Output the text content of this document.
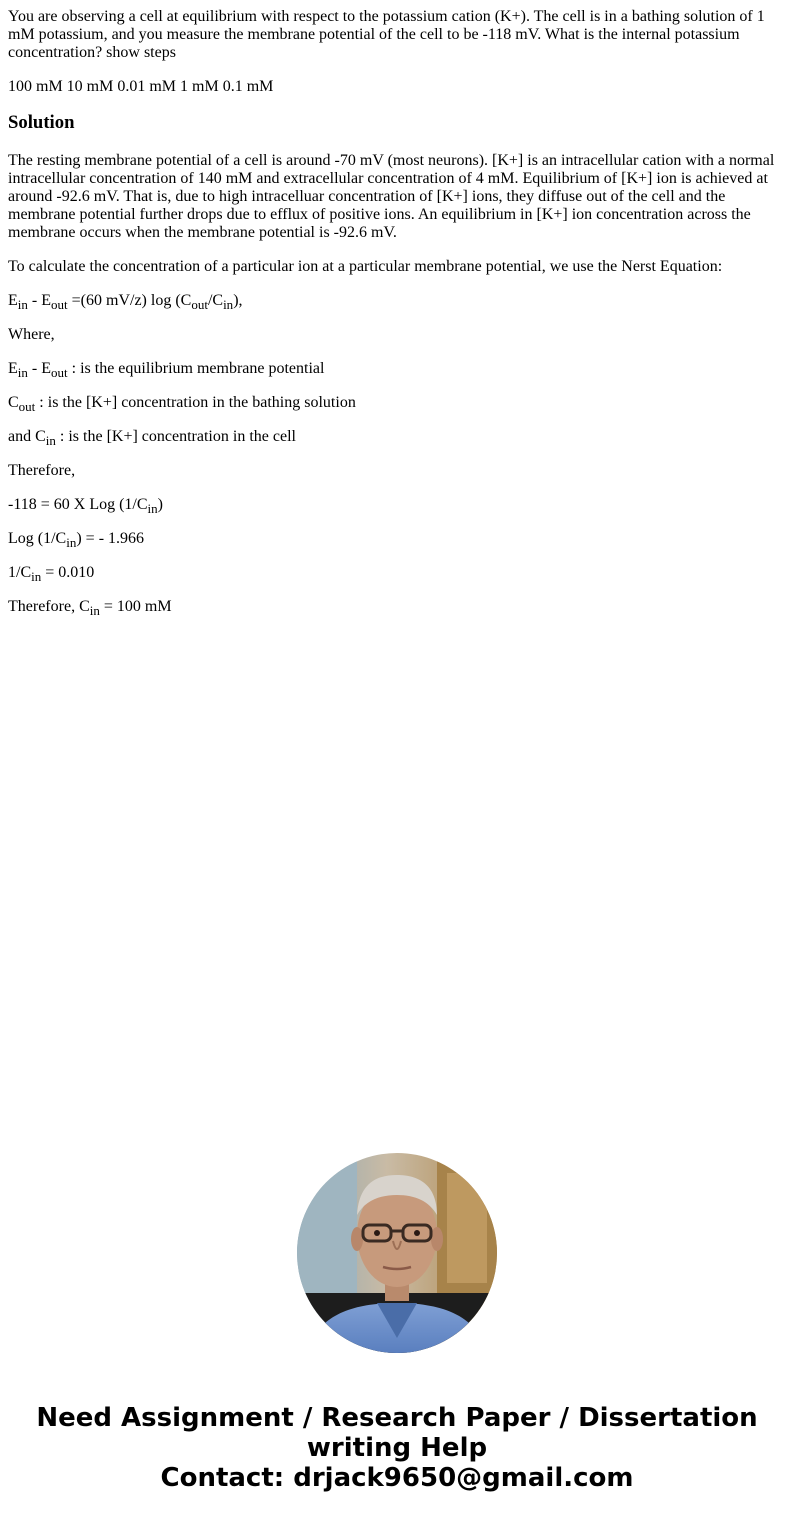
You are observing a cell at equilibrium with respect to the potassium cation (K+). The cell is in a bathing solution of 1 mM potassium, and you measure the membrane potential of the cell to be -118 mV. What is the internal potassium concentration? show steps

100 mM 10 mM 0.01 mM 1 mM 0.1 mM

Solution

The resting membrane potential of a cell is around -70 mV (most neurons). [K+] is an intracellular cation with a normal intracellular concentration of 140 mM and extracellular concentration of 4 mM. Equilibrium of [K+] ion is achieved at around -92.6 mV. That is, due to high intracelluar concentration of [K+] ions, they diffuse out of the cell and the membrane potential further drops due to efflux of positive ions. An equilibrium in [K+] ion concentration across the membrane occurs when the membrane potential is -92.6 mV.

To calculate the concentration of a particular ion at a particular membrane potential, we use the Nerst Equation:

$E_{in} - E_{out} =(60$ mV/z) $\log (C_{out}/C_{in})$,

Where,

$E_{in} - E_{out}$ : is the equilibrium membrane potential

$C_{out}$ : is the [K+] concentration in the bathing solution

and $C_{in}$ : is the [K+] concentration in the cell

Therefore,

-118 = 60 X Log $(1/C_{in})$

Log $(1/C_{in})$ = - 1.966

$1/C_{in} = 0.010$

Therefore, $C_{in} = 100$ mM

Need Assignment / Research Paper / Dissertation
writing Help
Contact: drjack9650@gmail.com
